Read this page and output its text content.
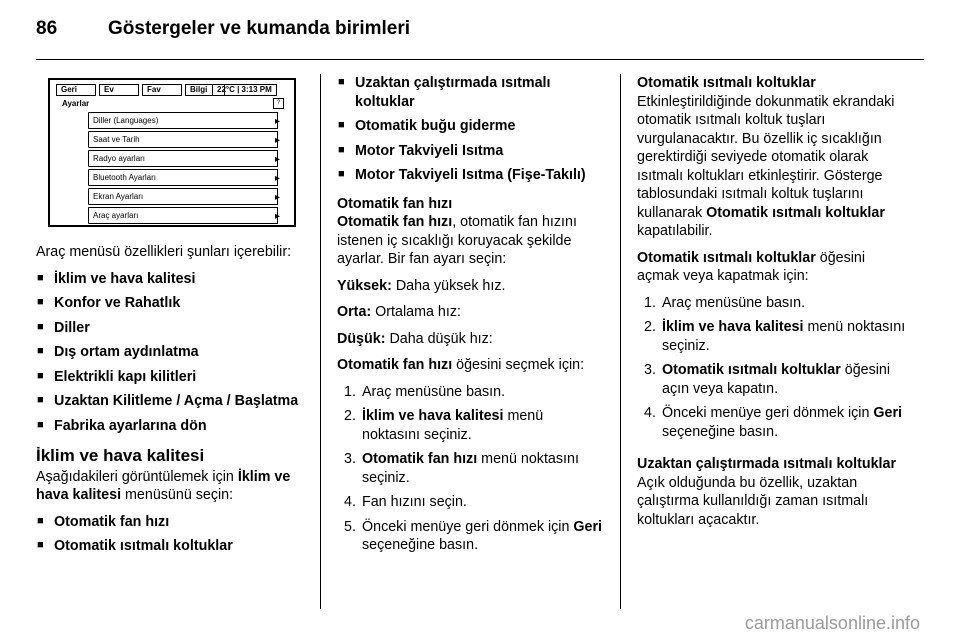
86	Göstergeler ve kumanda birimleri
Geri	Ev	Fav	Bilgi	22°C | 3:13 PM
Ayarlar	?
Diller (Languages)	▸
Saat ve Tarih	▸
Radyo ayarları	▸
Bluetooth Ayarları	▸
Ekran Ayarları	▸
Araç ayarları	▸

Araç menüsü özellikleri şunları içerebilir:

■ İklim ve hava kalitesi
■ Konfor ve Rahatlık
■ Diller
■ Dış ortam aydınlatma
■ Elektrikli kapı kilitleri
■ Uzaktan Kilitleme / Açma / Başlatma
■ Fabrika ayarlarına dön
İklim ve hava kalitesi

Aşağıdakileri görüntülemek için İklim ve hava kalitesi menüsünü seçin:

■ Otomatik fan hızı
■ Otomatik ısıtmalı koltuklar
■ Uzaktan çalıştırmada ısıtmalı koltuklar
■ Otomatik buğu giderme
■ Motor Takviyeli Isıtma
■ Motor Takviyeli Isıtma (Fişe-Takılı)
Otomatik fan hızı

Otomatik fan hızı, otomatik fan hızını istenen iç sıcaklığı koruyacak şekilde ayarlar. Bir fan ayarı seçin:

Yüksek: Daha yüksek hız.

Orta: Ortalama hız:

Düşük: Daha düşük hız:

Otomatik fan hızı öğesini seçmek için:

1. Araç menüsüne basın.
2. İklim ve hava kalitesi menü noktasını seçiniz.
3. Otomatik fan hızı menü noktasını seçiniz.
4. Fan hızını seçin.
5. Önceki menüye geri dönmek için Geri seçeneğine basın.
Otomatik ısıtmalı koltuklar

Etkinleştirildiğinde dokunmatik ekrandaki otomatik ısıtmalı koltuk tuşları vurgulanacaktır. Bu özellik iç sıcaklığın gerektirdiği seviyede otomatik olarak ısıtmalı koltukları etkinleştirir. Gösterge tablosundaki ısıtmalı koltuk tuşlarını kullanarak Otomatik ısıtmalı koltuklar kapatılabilir.

Otomatik ısıtmalı koltuklar öğesini açmak veya kapatmak için:

1. Araç menüsüne basın.
2. İklim ve hava kalitesi menü noktasını seçiniz.
3. Otomatik ısıtmalı koltuklar öğesini açın veya kapatın.
4. Önceki menüye geri dönmek için Geri seçeneğine basın.
Uzaktan çalıştırmada ısıtmalı koltuklar

Açık olduğunda bu özellik, uzaktan çalıştırma kullanıldığı zaman ısıtmalı koltukları açacaktır.

carmanualsonline.info
